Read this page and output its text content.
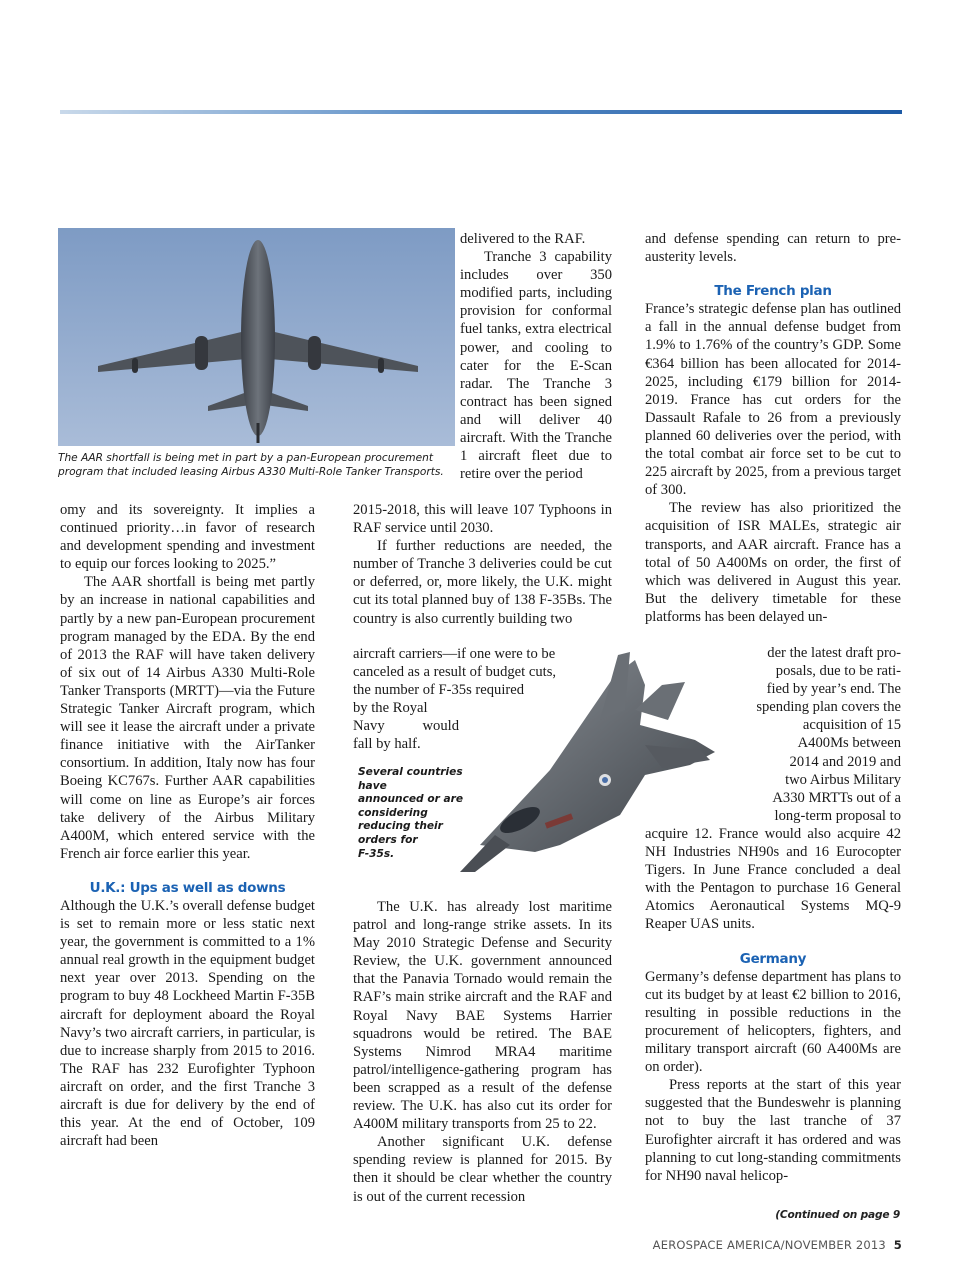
The AAR shortfall is being met in part by a pan-European procurement program that included leasing Airbus A330 Multi-Role Tanker Transports.

omy and its sovereignty. It implies a continued priority…in favor of research and development spending and investment to equip our forces looking to 2025.”

The AAR shortfall is being met partly by an increase in national capabilities and partly by a new pan-European procurement program managed by the EDA. By the end of 2013 the RAF will have taken delivery of six out of 14 Airbus A330 Multi-Role Tanker Transports (MRTT)—via the Future Strategic Tanker Aircraft program, which will see it lease the aircraft under a private finance initiative with the AirTanker consortium. In addition, Italy now has four Boeing KC767s. Further AAR capabilities will come on line as Europe’s air forces take delivery of the Airbus Military A400M, which entered service with the French air force earlier this year.

U.K.: Ups as well as downs

Although the U.K.’s overall defense budget is set to remain more or less static next year, the government is committed to a 1% annual real growth in the equipment budget next year over 2013. Spending on the program to buy 48 Lockheed Martin F-35B aircraft for deployment aboard the Royal Navy’s two aircraft carriers, in particular, is due to increase sharply from 2015 to 2016. The RAF has 232 Eurofighter Typhoon aircraft on order, and the first Tranche 3 aircraft is due for delivery by the end of this year. At the end of October, 109 aircraft had been

delivered to the RAF.

Tranche 3 capability includes over 350 modified parts, including provision for conformal fuel tanks, extra electrical power, and cooling to cater for the E-Scan radar. The Tranche 3 contract has been signed and will deliver 40 aircraft. With the Tranche 1 aircraft fleet due to retire over the period

2015-2018, this will leave 107 Typhoons in RAF service until 2030.

If further reductions are needed, the number of Tranche 3 deliveries could be cut or deferred, or, more likely, the U.K. might cut its total planned buy of 138 F-35Bs. The country is also currently building two

aircraft carriers—if one were to be
canceled as a result of budget cuts,
the number of F-35s required
by the Royal
Navy would
fall by half.
Several countries have
announced or are
considering
reducing their
orders for
F-35s.

The U.K. has already lost maritime patrol and long-range strike assets. In its May 2010 Strategic Defense and Security Review, the U.K. government announced that the Panavia Tornado would remain the RAF’s main strike aircraft and the RAF and Royal Navy BAE Systems Harrier squadrons would be retired. The BAE Systems Nimrod MRA4 maritime patrol/intelligence-gathering program has been scrapped as a result of the defense review. The U.K. has also cut its order for A400M military transports from 25 to 22.

Another significant U.K. defense spending review is planned for 2015. By then it should be clear whether the country is out of the current recession

and defense spending can return to pre-austerity levels.

The French plan

France’s strategic defense plan has outlined a fall in the annual defense budget from 1.9% to 1.76% of the country’s GDP. Some €364 billion has been allocated for 2014-2025, including €179 billion for 2014-2019. France has cut orders for the Dassault Rafale to 26 from a previously planned 60 deliveries over the period, with the total combat air force set to be cut to 225 aircraft by 2025, from a previous target of 300.

The review has also prioritized the acquisition of ISR MALEs, strategic air transports, and AAR aircraft. France has a total of 50 A400Ms on order, the first of which was delivered in August this year. But the delivery timetable for these platforms has been delayed un-

der the latest draft pro-
posals, due to be rati-
fied by year’s end. The
spending plan covers the
acquisition of 15
A400Ms between
2014 and 2019 and
two Airbus Military
A330 MRTTs out of a
long-term proposal to

acquire 12. France would also acquire 42 NH Industries NH90s and 16 Eurocopter Tigers. In June France concluded a deal with the Pentagon to purchase 16 General Atomics Aeronautical Systems MQ-9 Reaper UAS units.

Germany

Germany’s defense department has plans to cut its budget by at least €2 billion to 2016, resulting in possible reductions in the procurement of helicopters, fighters, and military transport aircraft (60 A400Ms are on order).

Press reports at the start of this year suggested that the Bundeswehr is planning not to buy the last tranche of 37 Eurofighter aircraft it has ordered and was planning to cut long-standing commitments for NH90 naval helicop-

(Continued on page 9
AEROSPACE AMERICA/NOVEMBER 2013 5
